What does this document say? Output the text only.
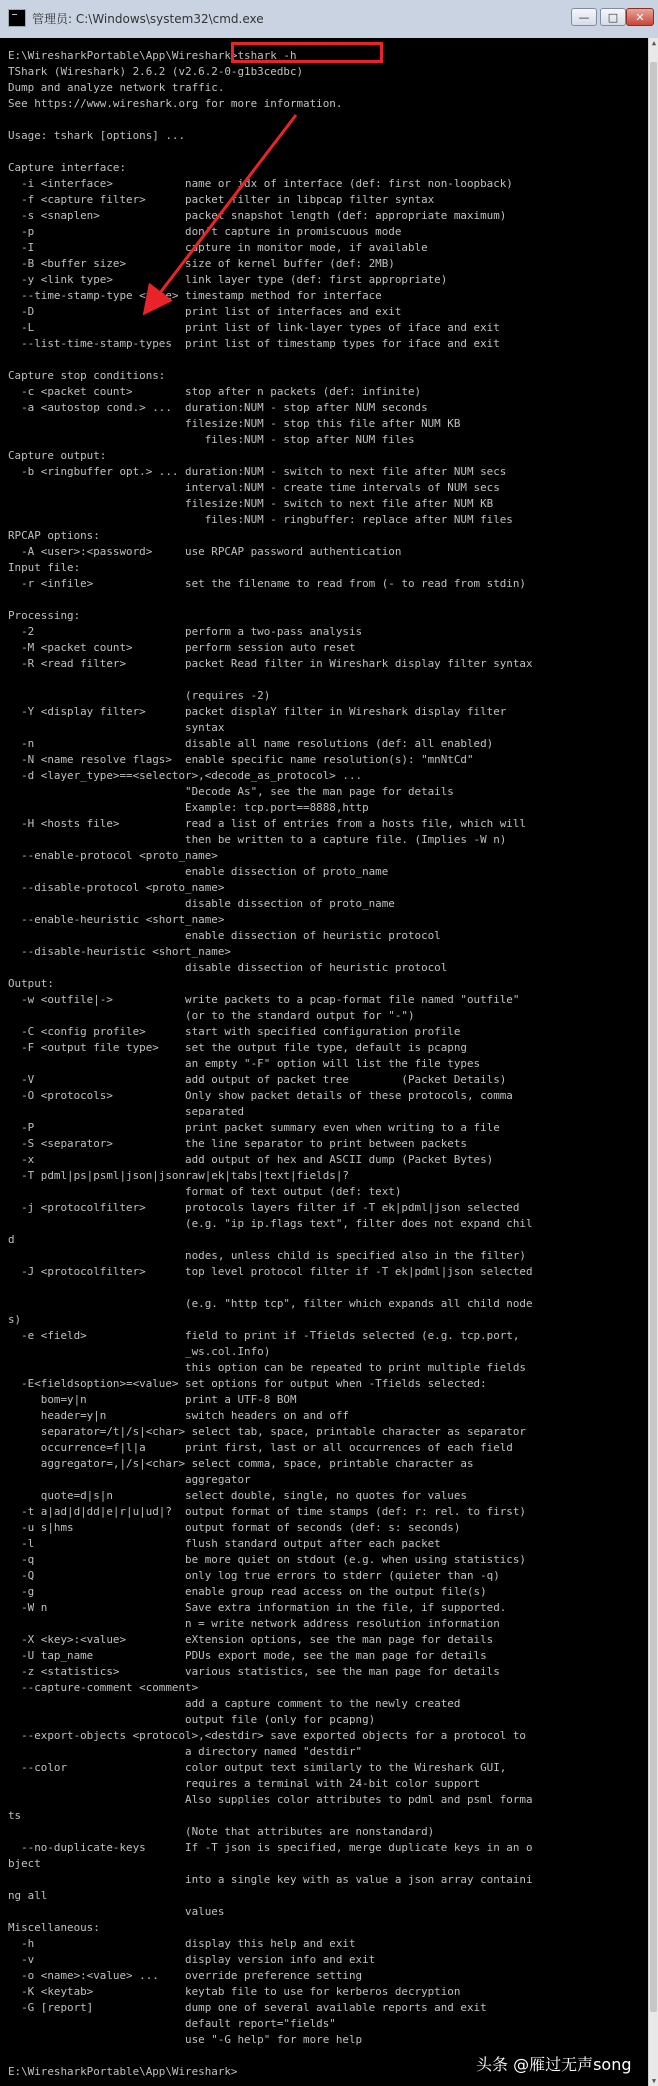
管理员: C:\Windows\system32\cmd.exe	—	□	✕
E:\WiresharkPortable\App\Wireshark>tshark -h
TShark (Wireshark) 2.6.2 (v2.6.2-0-g1b3cedbc)
Dump and analyze network traffic.
See https://www.wireshark.org for more information.

Usage: tshark [options] ...

Capture interface:
-i <interface>           name or idx of interface (def: first non-loopback)
-f <capture filter>      packet filter in libpcap filter syntax
-s <snaplen>             packet snapshot length (def: appropriate maximum)
-p                       don't capture in promiscuous mode
-I                       capture in monitor mode, if available
-B <buffer size>         size of kernel buffer (def: 2MB)
-y <link type>           link layer type (def: first appropriate)
--time-stamp-type <type> timestamp method for interface
-D                       print list of interfaces and exit
-L                       print list of link-layer types of iface and exit
--list-time-stamp-types  print list of timestamp types for iface and exit

Capture stop conditions:
-c <packet count>        stop after n packets (def: infinite)
-a <autostop cond.> ...  duration:NUM - stop after NUM seconds
filesize:NUM - stop this file after NUM KB
files:NUM - stop after NUM files
Capture output:
-b <ringbuffer opt.> ... duration:NUM - switch to next file after NUM secs
interval:NUM - create time intervals of NUM secs
filesize:NUM - switch to next file after NUM KB
files:NUM - ringbuffer: replace after NUM files
RPCAP options:
-A <user>:<password>     use RPCAP password authentication
Input file:
-r <infile>              set the filename to read from (- to read from stdin)

Processing:
-2                       perform a two-pass analysis
-M <packet count>        perform session auto reset
-R <read filter>         packet Read filter in Wireshark display filter syntax

(requires -2)
-Y <display filter>      packet displaY filter in Wireshark display filter
syntax
-n                       disable all name resolutions (def: all enabled)
-N <name resolve flags>  enable specific name resolution(s): "mnNtCd"
-d <layer_type>==<selector>,<decode_as_protocol> ...
"Decode As", see the man page for details
Example: tcp.port==8888,http
-H <hosts file>          read a list of entries from a hosts file, which will
then be written to a capture file. (Implies -W n)
--enable-protocol <proto_name>
enable dissection of proto_name
--disable-protocol <proto_name>
disable dissection of proto_name
--enable-heuristic <short_name>
enable dissection of heuristic protocol
--disable-heuristic <short_name>
disable dissection of heuristic protocol
Output:
-w <outfile|->           write packets to a pcap-format file named "outfile"
(or to the standard output for "-")
-C <config profile>      start with specified configuration profile
-F <output file type>    set the output file type, default is pcapng
an empty "-F" option will list the file types
-V                       add output of packet tree        (Packet Details)
-O <protocols>           Only show packet details of these protocols, comma
separated
-P                       print packet summary even when writing to a file
-S <separator>           the line separator to print between packets
-x                       add output of hex and ASCII dump (Packet Bytes)
-T pdml|ps|psml|json|jsonraw|ek|tabs|text|fields|?
format of text output (def: text)
-j <protocolfilter>      protocols layers filter if -T ek|pdml|json selected
(e.g. "ip ip.flags text", filter does not expand chil
d
nodes, unless child is specified also in the filter)
-J <protocolfilter>      top level protocol filter if -T ek|pdml|json selected

(e.g. "http tcp", filter which expands all child node
s)
-e <field>               field to print if -Tfields selected (e.g. tcp.port,
_ws.col.Info)
this option can be repeated to print multiple fields
-E<fieldsoption>=<value> set options for output when -Tfields selected:
bom=y|n               print a UTF-8 BOM
header=y|n            switch headers on and off
separator=/t|/s|<char> select tab, space, printable character as separator
occurrence=f|l|a      print first, last or all occurrences of each field
aggregator=,|/s|<char> select comma, space, printable character as
aggregator
quote=d|s|n           select double, single, no quotes for values
-t a|ad|d|dd|e|r|u|ud|?  output format of time stamps (def: r: rel. to first)
-u s|hms                 output format of seconds (def: s: seconds)
-l                       flush standard output after each packet
-q                       be more quiet on stdout (e.g. when using statistics)
-Q                       only log true errors to stderr (quieter than -q)
-g                       enable group read access on the output file(s)
-W n                     Save extra information in the file, if supported.
n = write network address resolution information
-X <key>:<value>         eXtension options, see the man page for details
-U tap_name              PDUs export mode, see the man page for details
-z <statistics>          various statistics, see the man page for details
--capture-comment <comment>
add a capture comment to the newly created
output file (only for pcapng)
--export-objects <protocol>,<destdir> save exported objects for a protocol to
a directory named "destdir"
--color                  color output text similarly to the Wireshark GUI,
requires a terminal with 24-bit color support
Also supplies color attributes to pdml and psml forma
ts
(Note that attributes are nonstandard)
--no-duplicate-keys      If -T json is specified, merge duplicate keys in an o
bject
into a single key with as value a json array containi
ng all
values
Miscellaneous:
-h                       display this help and exit
-v                       display version info and exit
-o <name>:<value> ...    override preference setting
-K <keytab>              keytab file to use for kerberos decryption
-G [report]              dump one of several available reports and exit
default report="fields"
use "-G help" for more help

E:\WiresharkPortable\App\Wireshark>

▲
▼
头条 @雁过无声song
